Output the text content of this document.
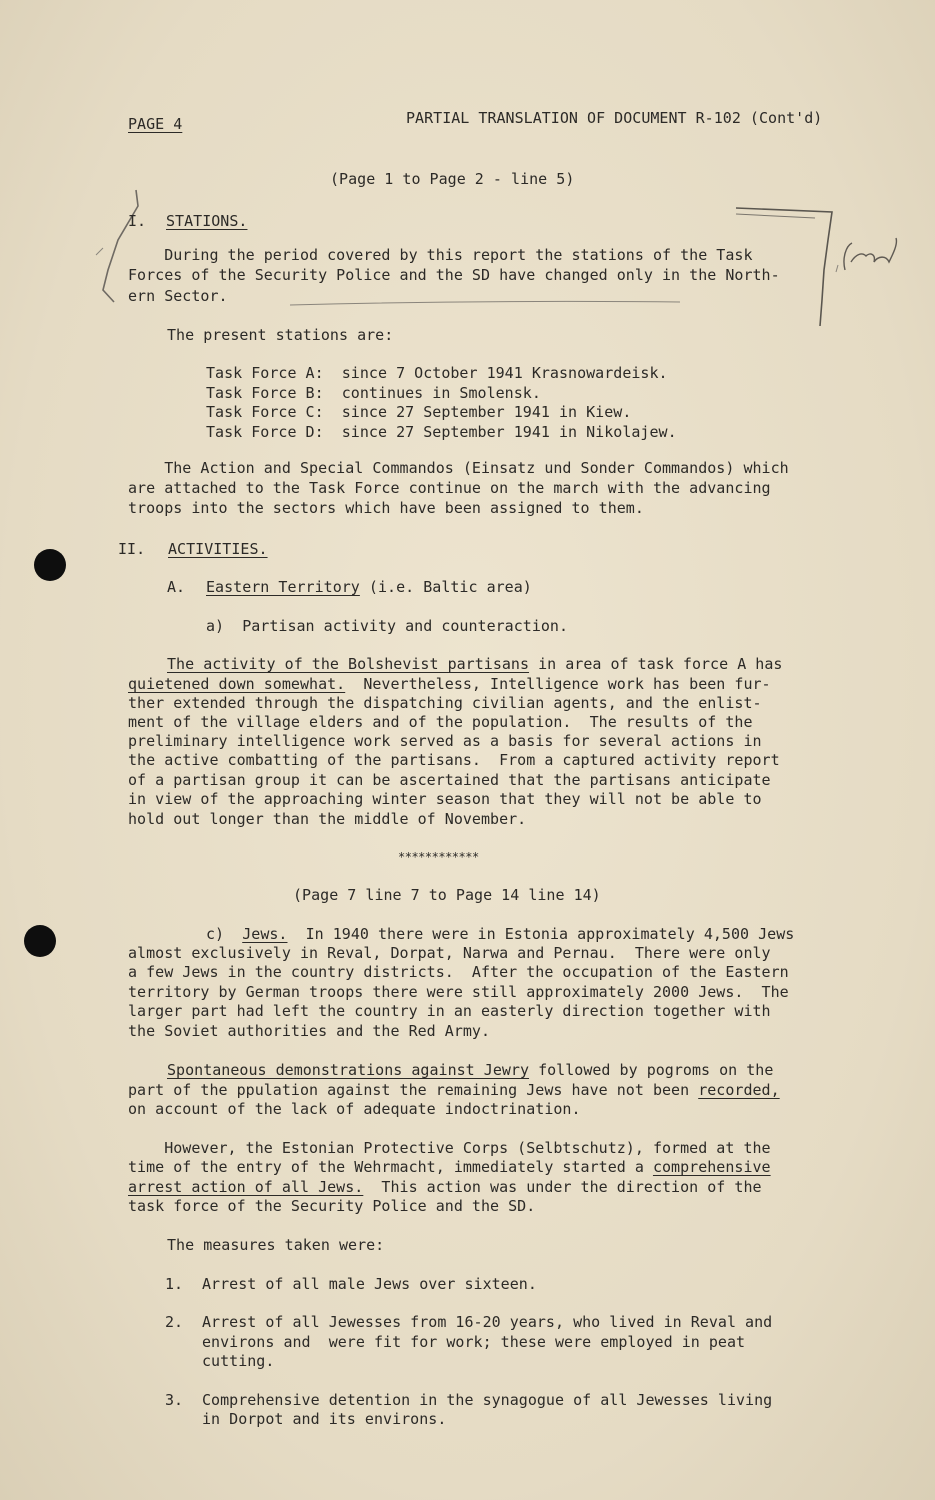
PAGE 4	PARTIAL TRANSLATION OF DOCUMENT R-102 (Cont'd)
(Page 1 to Page 2 - line 5)
I. STATIONS.
During the period covered by this report the stations of the Task
Forces of the Security Police and the SD have changed only in the North-
ern Sector.
The present stations are:
Task Force A:  since 7 October 1941 Krasnowardeisk.
Task Force B:  continues in Smolensk.
Task Force C:  since 27 September 1941 in Kiew.
Task Force D:  since 27 September 1941 in Nikolajew.
The Action and Special Commandos (Einsatz und Sonder Commandos) which
are attached to the Task Force continue on the march with the advancing
troops into the sectors which have been assigned to them.
II. ACTIVITIES.
A. Eastern Territory (i.e. Baltic area)
a)  Partisan activity and counteraction.
The activity of the Bolshevist partisans in area of task force A has
quietened down somewhat.  Nevertheless, Intelligence work has been fur-
ther extended through the dispatching civilian agents, and the enlist-
ment of the village elders and of the population.  The results of the
preliminary intelligence work served as a basis for several actions in
the active combatting of the partisans.  From a captured activity report
of a partisan group it can be ascertained that the partisans anticipate
in view of the approaching winter season that they will not be able to
hold out longer than the middle of November.
************
(Page 7 line 7 to Page 14 line 14)
c) Jews.  In 1940 there were in Estonia approximately 4,500 Jews
almost exclusively in Reval, Dorpat, Narwa and Pernau.  There were only
a few Jews in the country districts.  After the occupation of the Eastern
territory by German troops there were still approximately 2000 Jews.  The
larger part had left the country in an easterly direction together with
the Soviet authorities and the Red Army.
Spontaneous demonstrations against Jewry followed by pogroms on the
part of the ppulation against the remaining Jews have not been recorded,
on account of the lack of adequate indoctrination.
However, the Estonian Protective Corps (Selbtschutz), formed at the
time of the entry of the Wehrmacht, immediately started a comprehensive
arrest action of all Jews.  This action was under the direction of the
task force of the Security Police and the SD.
The measures taken were:
1. Arrest of all male Jews over sixteen.
2. Arrest of all Jewesses from 16-20 years, who lived in Reval and
environs and  were fit for work; these were employed in peat
cutting.
3. Comprehensive detention in the synagogue of all Jewesses living
in Dorpot and its environs.
